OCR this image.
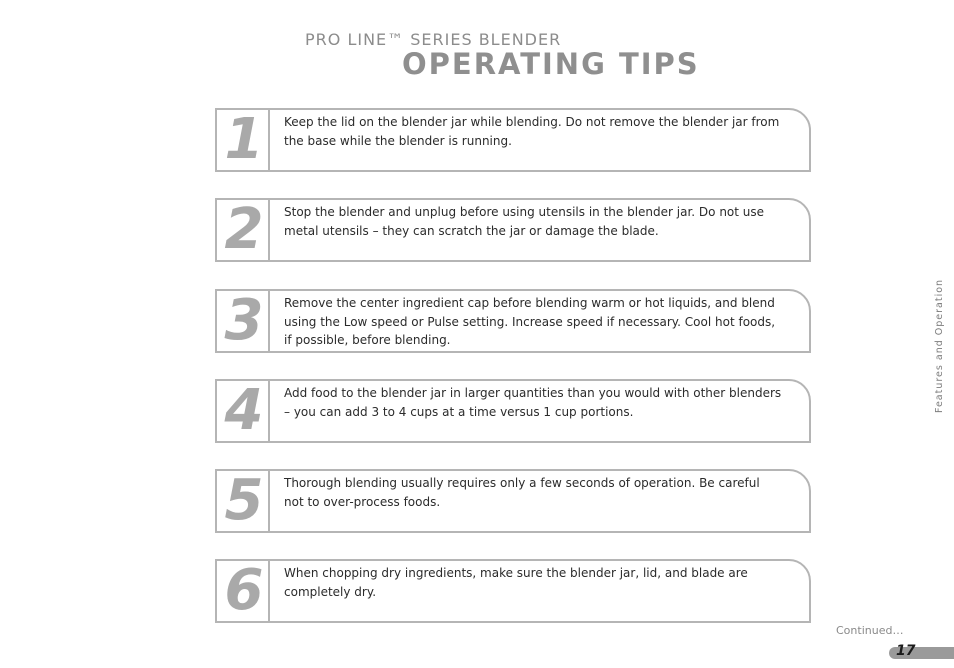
PRO LINE™ SERIES BLENDER
OPERATING TIPS
1	Keep the lid on the blender jar while blending. Do not remove the blender jar from the base while the blender is running.
2	Stop the blender and unplug before using utensils in the blender jar. Do not use metal utensils – they can scratch the jar or damage the blade.
3	Remove the center ingredient cap before blending warm or hot liquids, and blend using the Low speed or Pulse setting. Increase speed if necessary. Cool hot foods, if possible, before blending.
4	Add food to the blender jar in larger quantities than you would with other blenders – you can add 3 to 4 cups at a time versus 1 cup portions.
5	Thorough blending usually requires only a few seconds of operation. Be careful not to over-process foods.
6	When chopping dry ingredients, make sure the blender jar, lid, and blade are completely dry.
Features and Operation
Continued…
17
